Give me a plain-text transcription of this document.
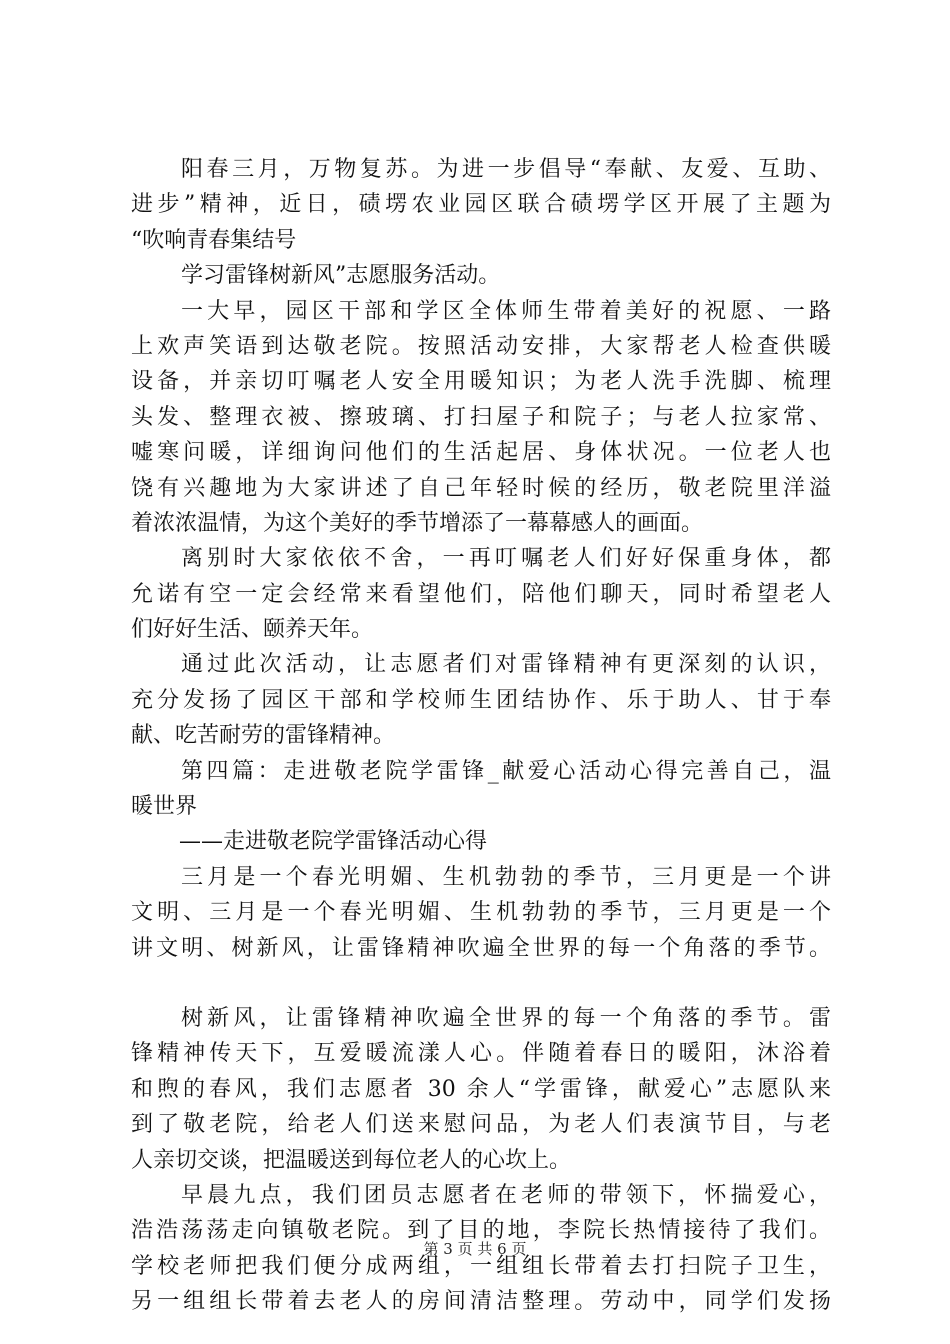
阳春三月，万物复苏。为进一步倡导“奉献、友爱、互助、
进步”精神，近日，碛塄农业园区联合碛塄学区开展了主题为
“吹响青春集结号
学习雷锋树新风”志愿服务活动。
一大早，园区干部和学区全体师生带着美好的祝愿、一路
上欢声笑语到达敬老院。按照活动安排，大家帮老人检查供暖
设备，并亲切叮嘱老人安全用暖知识；为老人洗手洗脚、梳理
头发、整理衣被、擦玻璃、打扫屋子和院子；与老人拉家常、
嘘寒问暖，详细询问他们的生活起居、身体状况。一位老人也
饶有兴趣地为大家讲述了自己年轻时候的经历，敬老院里洋溢
着浓浓温情，为这个美好的季节增添了一幕幕感人的画面。
离别时大家依依不舍，一再叮嘱老人们好好保重身体，都
允诺有空一定会经常来看望他们，陪他们聊天，同时希望老人
们好好生活、颐养天年。
通过此次活动，让志愿者们对雷锋精神有更深刻的认识，
充分发扬了园区干部和学校师生团结协作、乐于助人、甘于奉
献、吃苦耐劳的雷锋精神。
第四篇：走进敬老院学雷锋_献爱心活动心得完善自己，温
暖世界
——走进敬老院学雷锋活动心得
三月是一个春光明媚、生机勃勃的季节，三月更是一个讲
文明、三月是一个春光明媚、生机勃勃的季节，三月更是一个
讲文明、树新风，让雷锋精神吹遍全世界的每一个角落的季节。
树新风，让雷锋精神吹遍全世界的每一个角落的季节。雷
锋精神传天下，互爱暖流漾人心。伴随着春日的暖阳，沐浴着
和煦的春风，我们志愿者 30 余人“学雷锋，献爱心”志愿队来
到了敬老院，给老人们送来慰问品，为老人们表演节目，与老
人亲切交谈，把温暖送到每位老人的心坎上。
早晨九点，我们团员志愿者在老师的带领下，怀揣爱心，
浩浩荡荡走向镇敬老院。到了目的地，李院长热情接待了我们。
学校老师把我们便分成两组，一组组长带着去打扫院子卫生，
另一组组长带着去老人的房间清洁整理。劳动中，同学们发扬
第 3 页 共 6 页
